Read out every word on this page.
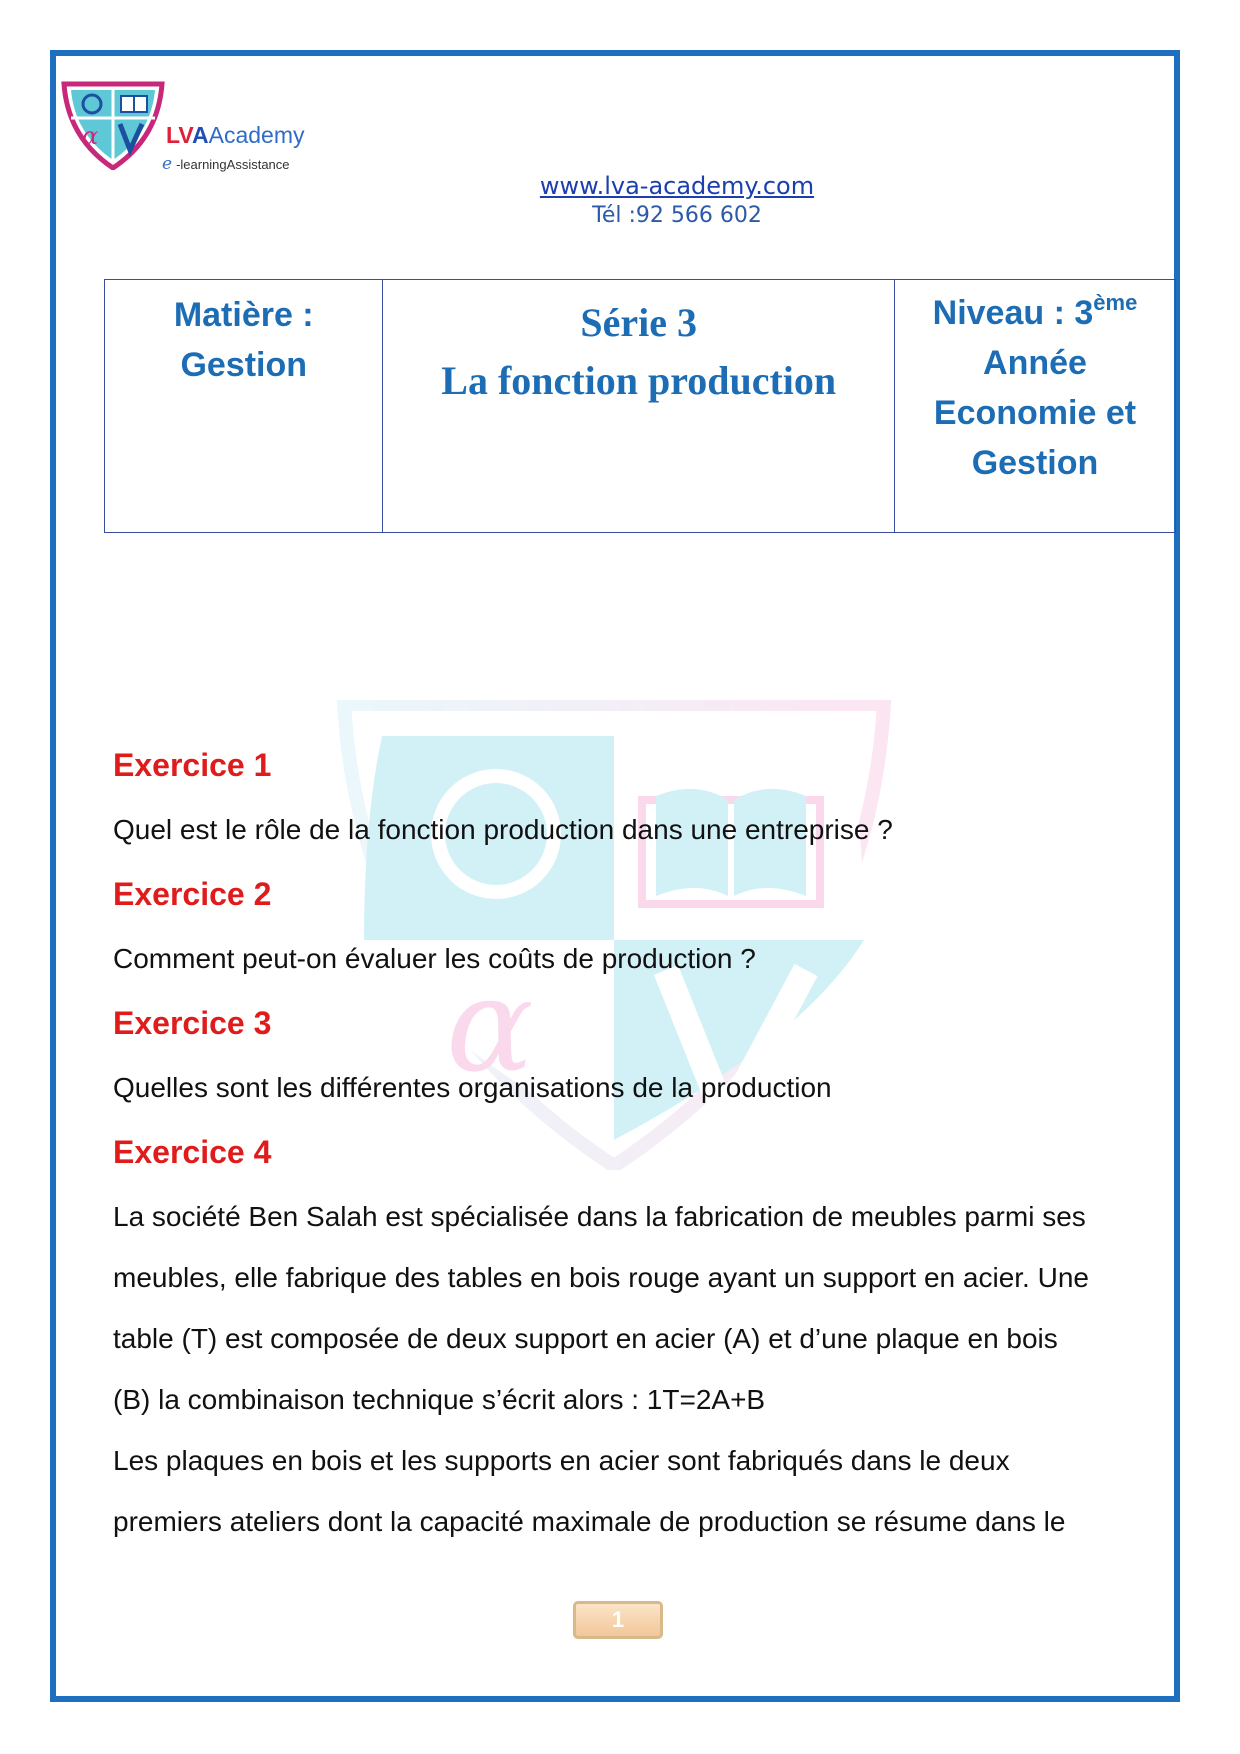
α	LVAAcademy
e -learningAssistance
www.lva-academy.com
Tél :92 566 602
Matière :
Gestion

Série 3
La fonction production

Niveau : 3ème
Année
Economie et
Gestion
α

Exercice 1

Quel est le rôle de la fonction production dans une entreprise ?

Exercice 2

Comment peut-on évaluer les coûts de production ?

Exercice 3

Quelles sont les différentes organisations de la production

Exercice 4

La société Ben Salah est spécialisée dans la fabrication de meubles parmi ses

meubles, elle fabrique des tables en bois rouge ayant un support en acier. Une

table (T) est composée de deux support en acier (A) et d’une plaque en bois

(B) la combinaison technique s’écrit alors : 1T=2A+B

Les plaques en bois et les supports en acier sont fabriqués dans le deux

premiers ateliers dont la capacité maximale de production se résume dans le

1
